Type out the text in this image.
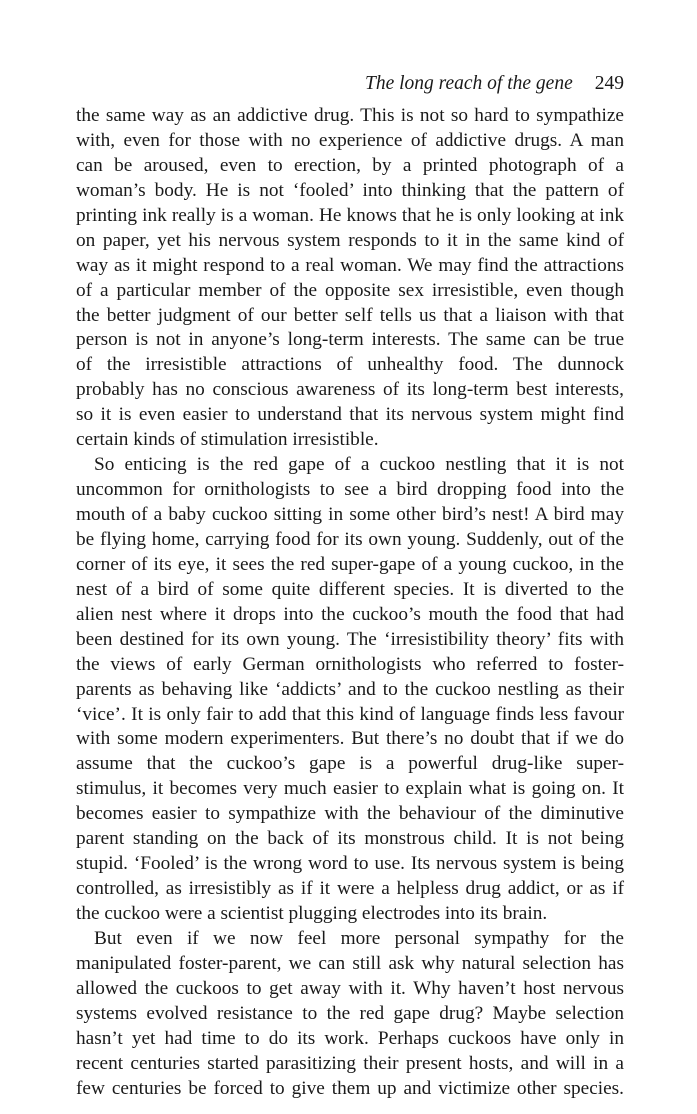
The long reach of the gene 249
the same way as an addictive drug. This is not so hard to sympathize
with, even for those with no experience of addictive drugs. A man
can be aroused, even to erection, by a printed photograph of a
woman’s body. He is not ‘fooled’ into thinking that the pattern of
printing ink really is a woman. He knows that he is only looking at ink
on paper, yet his nervous system responds to it in the same kind of
way as it might respond to a real woman. We may find the attractions
of a particular member of the opposite sex irresistible, even though
the better judgment of our better self tells us that a liaison with that
person is not in anyone’s long-term interests. The same can be true
of the irresistible attractions of unhealthy food. The dunnock
probably has no conscious awareness of its long-term best interests,
so it is even easier to understand that its nervous system might find
certain kinds of stimulation irresistible.
So enticing is the red gape of a cuckoo nestling that it is not
uncommon for ornithologists to see a bird dropping food into the
mouth of a baby cuckoo sitting in some other bird’s nest! A bird may
be flying home, carrying food for its own young. Suddenly, out of the
corner of its eye, it sees the red super-gape of a young cuckoo, in the
nest of a bird of some quite different species. It is diverted to the
alien nest where it drops into the cuckoo’s mouth the food that had
been destined for its own young. The ‘irresistibility theory’ fits with
the views of early German ornithologists who referred to foster-
parents as behaving like ‘addicts’ and to the cuckoo nestling as their
‘vice’. It is only fair to add that this kind of language finds less favour
with some modern experimenters. But there’s no doubt that if we do
assume that the cuckoo’s gape is a powerful drug-like super-
stimulus, it becomes very much easier to explain what is going on. It
becomes easier to sympathize with the behaviour of the diminutive
parent standing on the back of its monstrous child. It is not being
stupid. ‘Fooled’ is the wrong word to use. Its nervous system is being
controlled, as irresistibly as if it were a helpless drug addict, or as if
the cuckoo were a scientist plugging electrodes into its brain.
But even if we now feel more personal sympathy for the
manipulated foster-parent, we can still ask why natural selection has
allowed the cuckoos to get away with it. Why haven’t host nervous
systems evolved resistance to the red gape drug? Maybe selection
hasn’t yet had time to do its work. Perhaps cuckoos have only in
recent centuries started parasitizing their present hosts, and will in a
few centuries be forced to give them up and victimize other species.
